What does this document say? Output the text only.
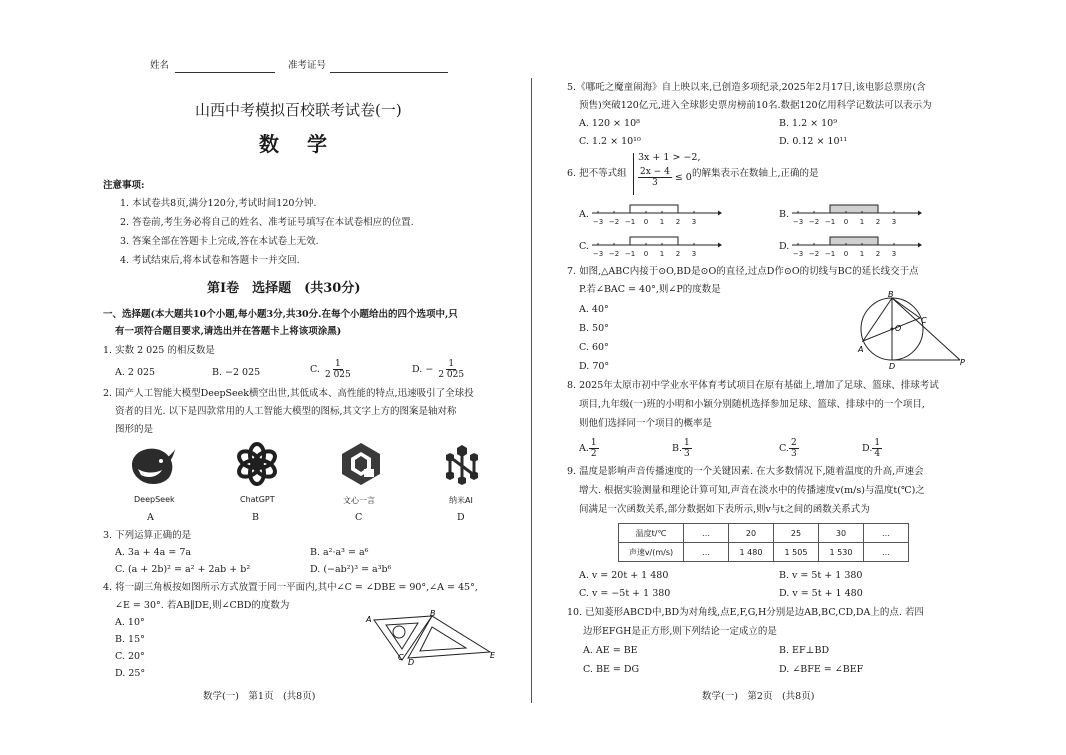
姓名	准考证号
山西中考模拟百校联考试卷(一)
数　学
注意事项:
1. 本试卷共8页,满分120分,考试时间120分钟.
2. 答卷前,考生务必将自己的姓名、准考证号填写在本试卷相应的位置.
3. 答案全部在答题卡上完成,答在本试卷上无效.
4. 考试结束后,将本试卷和答题卡一并交回.
第Ⅰ卷　选择题　(共30分)
一、选择题(本大题共10个小题,每小题3分,共30分.在每个小题给出的四个选项中,只
有一项符合题目要求,请选出并在答题卡上将该项涂黑)
1. 实数 2 025 的相反数是
A. 2 025	B. −2 025	C. $\frac{1}{2 025}$	D. − $\frac{1}{2 025}$
2. 国产人工智能大模型DeepSeek横空出世,其低成本、高性能的特点,迅速吸引了全球投
资者的目光. 以下是四款常用的人工智能大模型的图标,其文字上方的图案是轴对称
图形的是
DeepSeek
A
ChatGPT
B
文心一言
C
纳米AI
D
3. 下列运算正确的是
A. 3a + 4a = 7a	B. a²·a³ = a⁶
C. (a + 2b)² = a² + 2ab + b²	D. (−ab²)³ = a³b⁶
4. 将一副三角板按如图所示方式放置于同一平面内,其中∠C = ∠DBE = 90°,∠A = 45°,
∠E = 30°. 若AB∥DE,则∠CBD的度数为
A. 10°
B. 15°
C. 20°
D. 25°
A
B
C
D
E
数学(一)　第1页　(共8页)
5.《哪吒之魔童闹海》自上映以来,已创造多项纪录,2025年2月17日,该电影总票房(含
预售)突破120亿元,进入全球影史票房榜前10名.数据120亿用科学记数法可以表示为
A. 120 × 10⁸	B. 1.2 × 10⁹
C. 1.2 × 10¹⁰	D. 0.12 × 10¹¹
6. 把不等式组
3x + 1 > −2,
$\frac{2x - 4}{3} \le 0$ 的解集表示在数轴上,正确的是
A.
−3 −2 −1 0 1 2 3
B.
−3 −2 −1 0 1 2 3
C.
−3 −2 −1 0 1 2 3
D.
−3 −2 −1 0 1 2 3
7. 如图,△ABC内接于⊙O,BD是⊙O的直径,过点D作⊙O的切线与BC的延长线交于点
P.若∠BAC = 40°,则∠P的度数是
A. 40°
B. 50°
C. 60°
D. 70°
B
O
C
A
D	P
8. 2025年太原市初中学业水平体育考试项目在原有基础上,增加了足球、篮球、排球考试
项目,九年级(一)班的小明和小颖分别随机选择参加足球、篮球、排球中的一个项目,
则他们选择同一个项目的概率是
A. $\frac{1}{2}$	B. $\frac{1}{3}$	C. $\frac{2}{3}$	D. $\frac{1}{4}$
9. 温度是影响声音传播速度的一个关键因素. 在大多数情况下,随着温度的升高,声速会
增大. 根据实验测量和理论计算可知,声音在淡水中的传播速度v(m/s)与温度t(℃)之
间满足一次函数关系,部分数据如下表所示,则v与t之间的函数关系式为
温度t/℃	…	20	25	30	…
声速v/(m/s)	…	1 480	1 505	1 530	…
A. v = 20t + 1 480	B. v = 5t + 1 380
C. v = −5t + 1 380	D. v = 5t + 1 480
10. 已知菱形ABCD中,BD为对角线,点E,F,G,H分别是边AB,BC,CD,DA上的点. 若四
边形EFGH是正方形,则下列结论一定成立的是
A. AE = BE	B. EF⊥BD
C. BE = DG	D. ∠BFE = ∠BEF
数学(一)　第2页　(共8页)
